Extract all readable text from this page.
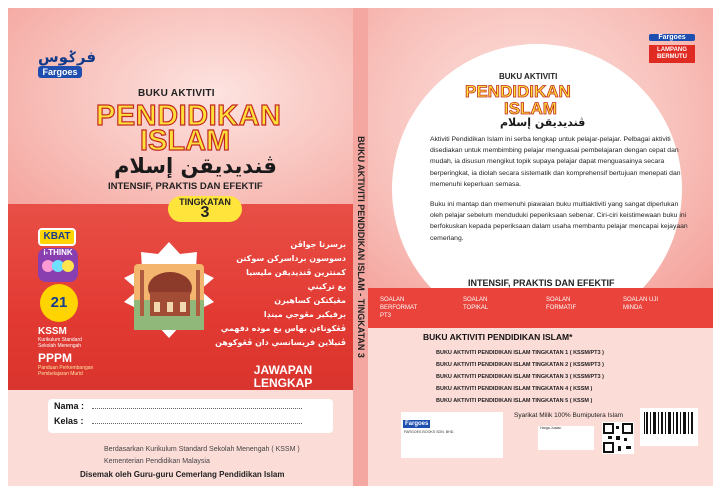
فرݢوس
Fargoes
BUKU AKTIVITI
PENDIDIKAN
ISLAM
ڤنديديقن إسلام
INTENSIF, PRAKTIS DAN EFEKTIF
TINGKATAN
3
KBAT
i-THINK
21
KSSM
Kurikulum Standard Sekolah Menengah
PPPM
Panduan Perkembangan Pembelajaran Murid
برسرتا جواڤن
دسوسون برداسركن سوكتن
كمنترين ڤنديديقن مليسيا
يغ تركيني
مڠيكتكن كساهيرن
برفيكير مڠوجي مينڊا
ڤڠكوناءن بهاس يغ موده دفهمي
ڤنيلاين فريسانسي دان ڤڠوكوهن
JAWAPAN
LENGKAP
Nama :
Kelas :
Berdasarkan Kurikulum Standard Sekolah Menengah ( KSSM )
Kementerian Pendidikan Malaysia
Disemak oleh Guru-guru Cemerlang Pendidikan Islam
BUKU AKTIVITI PENDIDIKAN ISLAM - TINGKATAN 3
Fargoes
LAMPANG BERMUTU
BUKU AKTIVITI
PENDIDIKAN
ISLAM
ڤنديديقن إسلام

Aktiviti Pendidikan Islam ini serba lengkap untuk pelajar-pelajar. Pelbagai aktiviti disediakan untuk membimbing pelajar menguasai pembelajaran dengan cepat dan mudah, ia disusun mengikut topik supaya pelajar dapat menguasainya secara berperingkat, ia diolah secara sistematik dan komprehensif bertujuan menepati dan memenuhi keperluan semasa.

Buku ini mantap dan memenuhi piawaian buku multiaktiviti yang sangat diperlukan oleh pelajar sebelum menduduki peperiksaan sebenar. Ciri-ciri keistimewaan buku ini berfokuskan kepada peperiksaan dalam usaha membantu pelajar mencapai kejayaan cemerlang.

INTENSIF, PRAKTIS DAN EFEKTIF
SOALAN BERFORMAT PT3
SOALAN TOPIKAL
SOALAN FORMATIF
SOALAN UJI MINDA
BUKU AKTIVITI PENDIDIKAN ISLAM*
BUKU AKTIVITI PENDIDIKAN ISLAM TINGKATAN 1 ( KSSM/PT3 )
BUKU AKTIVITI PENDIDIKAN ISLAM TINGKATAN 2 ( KSSM/PT3 )
BUKU AKTIVITI PENDIDIKAN ISLAM TINGKATAN 3 ( KSSM/PT3 )
BUKU AKTIVITI PENDIDIKAN ISLAM TINGKATAN 4 ( KSSM )
BUKU AKTIVITI PENDIDIKAN ISLAM TINGKATAN 5 ( KSSM )
Fargoes
FARGOES BOOKS SDN. BHD.
Syarikat Milik 100% Bumiputera Islam
Harga Jualan
